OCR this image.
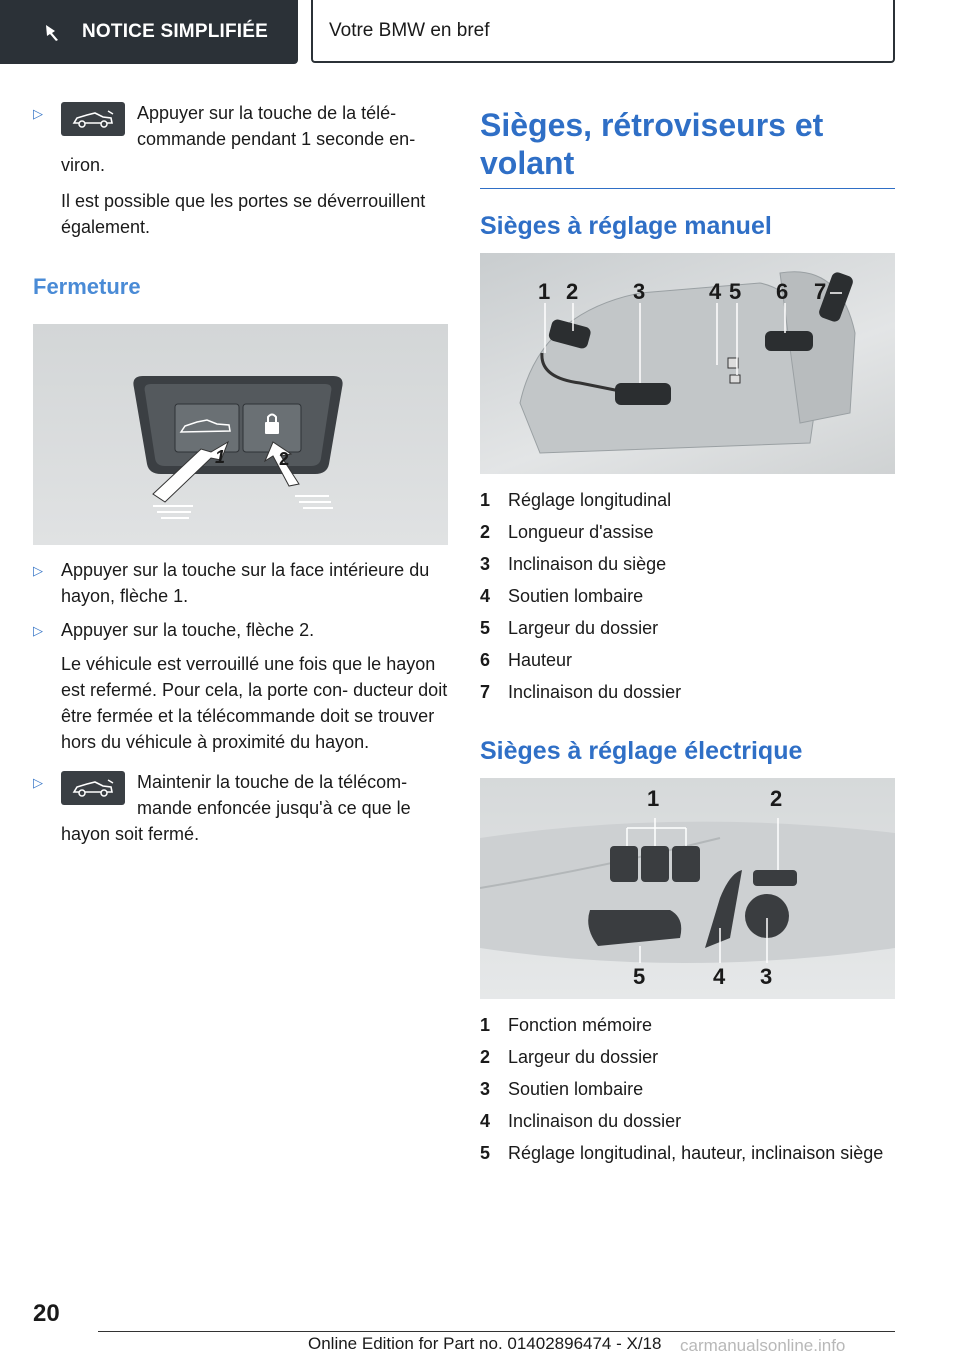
NOTICE SIMPLIFIÉE	Votre BMW en bref
▷	Appuyer sur la touche de la télé- commande pendant 1 seconde en- viron.

Il est possible que les portes se déverrouillent également.

Fermeture
1	2
▷ Appuyer sur la touche sur la face intérieure du hayon, flèche 1.

▷ Appuyer sur la touche, flèche 2.

Le véhicule est verrouillé une fois que le hayon est refermé. Pour cela, la porte con- ducteur doit être fermée et la télécommande doit se trouver hors du véhicule à proximité du hayon.

▷	Maintenir la touche de la télécom- mande enfoncée jusqu'à ce que le hayon soit fermé.

Sièges, rétroviseurs et volant
Sièges à réglage manuel
1 2 3	4 5 6 7
1 Réglage longitudinal
2 Longueur d'assise
3 Inclinaison du siège
4 Soutien lombaire
5 Largeur du dossier
6 Hauteur
7 Inclinaison du dossier
Sièges à réglage électrique
1	2
3
4
5
1 Fonction mémoire
2 Largeur du dossier
3 Soutien lombaire
4 Inclinaison du dossier
5 Réglage longitudinal, hauteur, inclinaison siège
20
Online Edition for Part no. 01402896474 - X/18 carmanualsonline.info
